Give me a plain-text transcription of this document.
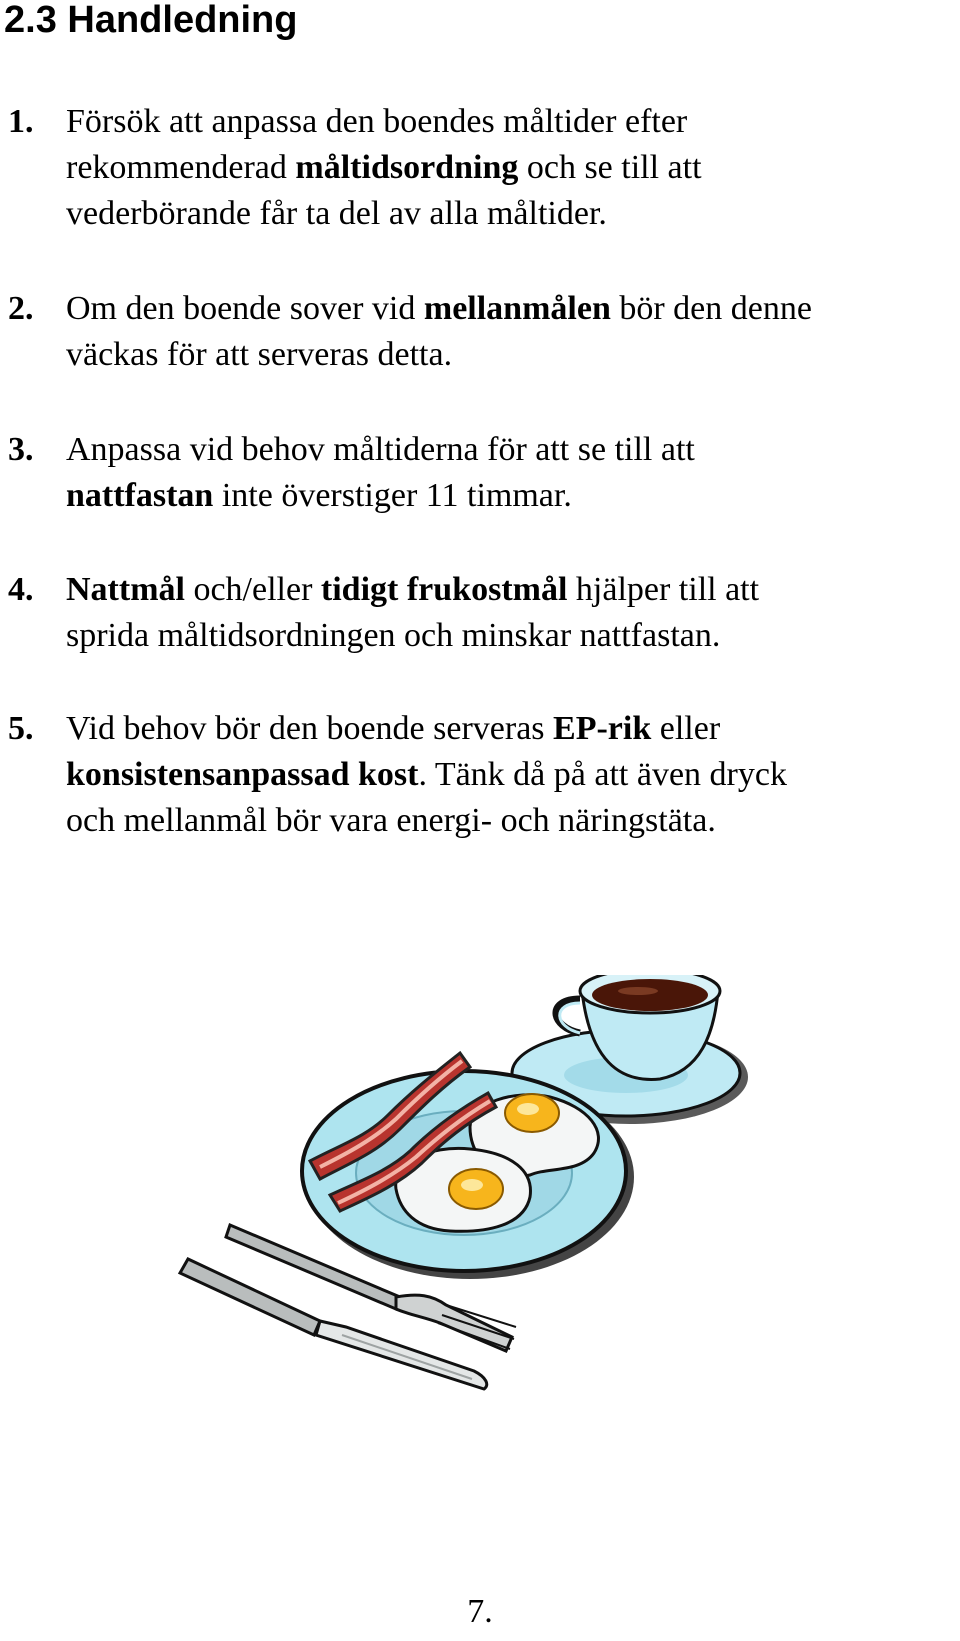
2.3 Handledning
1. Försök att anpassa den boendes måltider efter
rekommenderad måltidsordning och se till att
vederbörande får ta del av alla måltider.
2. Om den boende sover vid mellanmålen bör den denne
väckas för att serveras detta.
3. Anpassa vid behov måltiderna för att se till att
nattfastan inte överstiger 11 timmar.
4. Nattmål och/eller tidigt frukostmål hjälper till att
sprida måltidsordningen och minskar nattfastan.
5. Vid behov bör den boende serveras EP-rik eller
konsistensanpassad kost. Tänk då på att även dryck
och mellanmål bör vara energi- och näringstäta.
7.
